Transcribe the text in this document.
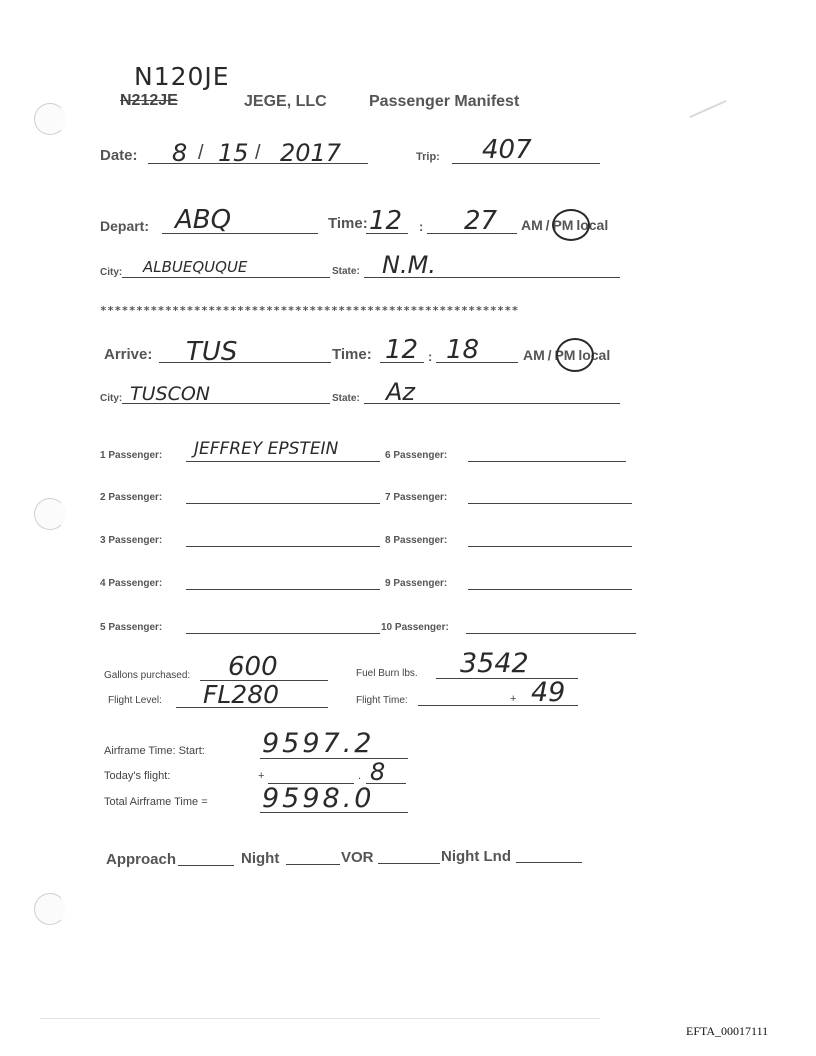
N120JE
N212JE	JEGE, LLC	Passenger Manifest
Date: 8 / 15 / 2017	Trip: 407
Depart: ABQ	Time: 12 : 27 AM / PM local
City: ALBUEQUQUE	State: N.M.
**********************************************************
Arrive: TUS	Time: 12 : 18	AM / PM local
City: TUSCON	State: Az
1 Passenger: JEFFREY EPSTEIN	6 Passenger:
2 Passenger:	7 Passenger:
3 Passenger:	8 Passenger:
4 Passenger:	9 Passenger:
5 Passenger:	10 Passenger:
Gallons purchased: 600	Fuel Burn lbs. 3542
Flight Level: FL280	Flight Time:	+ 49
Airframe Time: Start: 9597.2
Today's flight:	+	. 8
Total Airframe Time = 9598.0
Approach	Night	VOR	Night Lnd
EFTA_00017111
